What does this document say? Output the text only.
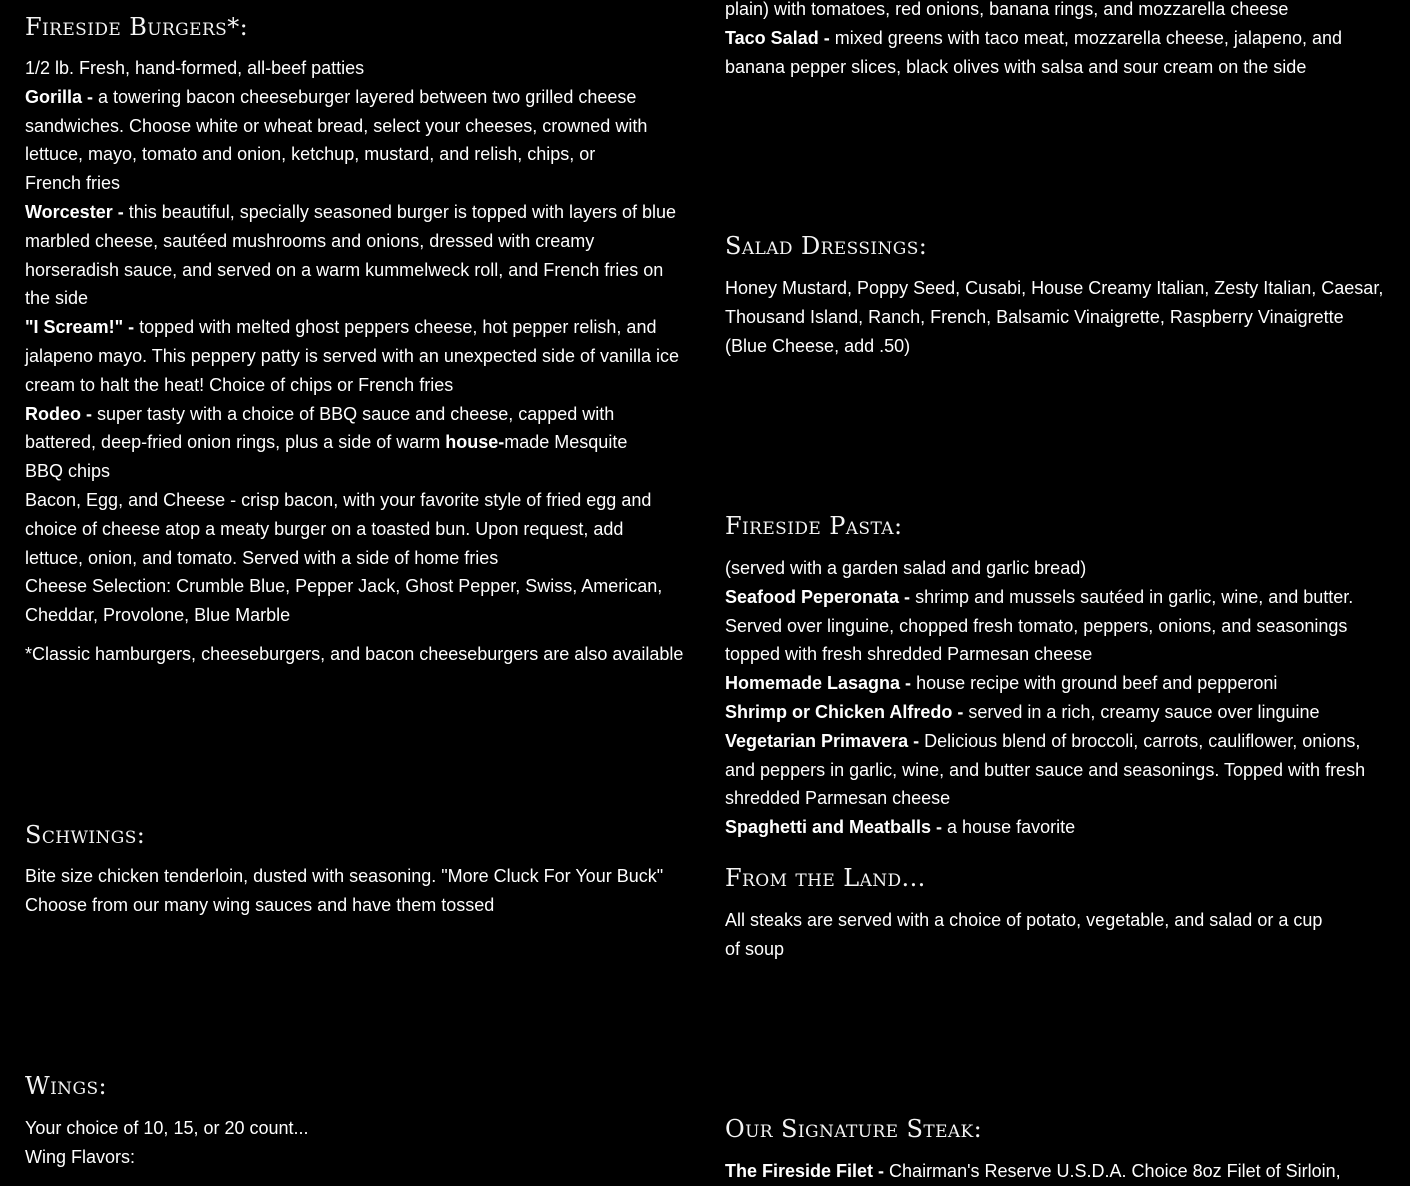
Fireside Burgers*:

1/2 lb. Fresh, hand-formed, all-beef patties

Gorilla - a towering bacon cheeseburger layered between two grilled cheese sandwiches. Choose white or wheat bread, select your cheeses, crowned with lettuce, mayo, tomato and onion, ketchup, mustard, and relish, chips, or
French fries

Worcester - this beautiful, specially seasoned burger is topped with layers of blue marbled cheese, sautéed mushrooms and onions, dressed with creamy horseradish sauce, and served on a warm kummelweck roll, and French fries on the side

"I Scream!" - topped with melted ghost peppers cheese, hot pepper relish, and jalapeno mayo. This peppery patty is served with an unexpected side of vanilla ice cream to halt the heat! Choice of chips or French fries

Rodeo - super tasty with a choice of BBQ sauce and cheese, capped with battered, deep-fried onion rings, plus a side of warm house-made Mesquite
BBQ chips

Bacon, Egg, and Cheese - crisp bacon, with your favorite style of fried egg and choice of cheese atop a meaty burger on a toasted bun. Upon request, add lettuce, onion, and tomato. Served with a side of home fries

Cheese Selection: Crumble Blue, Pepper Jack, Ghost Pepper, Swiss, American, Cheddar, Provolone, Blue Marble

*Classic hamburgers, cheeseburgers, and bacon cheeseburgers are also available

Schwings:

Bite size chicken tenderloin, dusted with seasoning. "More Cluck For Your Buck"

Choose from our many wing sauces and have them tossed

Wings:

Your choice of 10, 15, or 20 count...

Wing Flavors:

plain) with tomatoes, red onions, banana rings, and mozzarella cheese

Taco Salad - mixed greens with taco meat, mozzarella cheese, jalapeno, and banana pepper slices, black olives with salsa and sour cream on the side

Salad Dressings:

Honey Mustard, Poppy Seed, Cusabi, House Creamy Italian, Zesty Italian, Caesar, Thousand Island, Ranch, French, Balsamic Vinaigrette, Raspberry Vinaigrette (Blue Cheese, add .50)

Fireside Pasta:

(served with a garden salad and garlic bread)

Seafood Peperonata - shrimp and mussels sautéed in garlic, wine, and butter. Served over linguine, chopped fresh tomato, peppers, onions, and seasonings topped with fresh shredded Parmesan cheese

Homemade Lasagna - house recipe with ground beef and pepperoni

Shrimp or Chicken Alfredo - served in a rich, creamy sauce over linguine

Vegetarian Primavera - Delicious blend of broccoli, carrots, cauliflower, onions, and peppers in garlic, wine, and butter sauce and seasonings. Topped with fresh shredded Parmesan cheese

Spaghetti and Meatballs - a house favorite

From the Land...

All steaks are served with a choice of potato, vegetable, and salad or a cup

of soup

Our Signature Steak:

The Fireside Filet - Chairman's Reserve U.S.D.A. Choice 8oz Filet of Sirloin,
